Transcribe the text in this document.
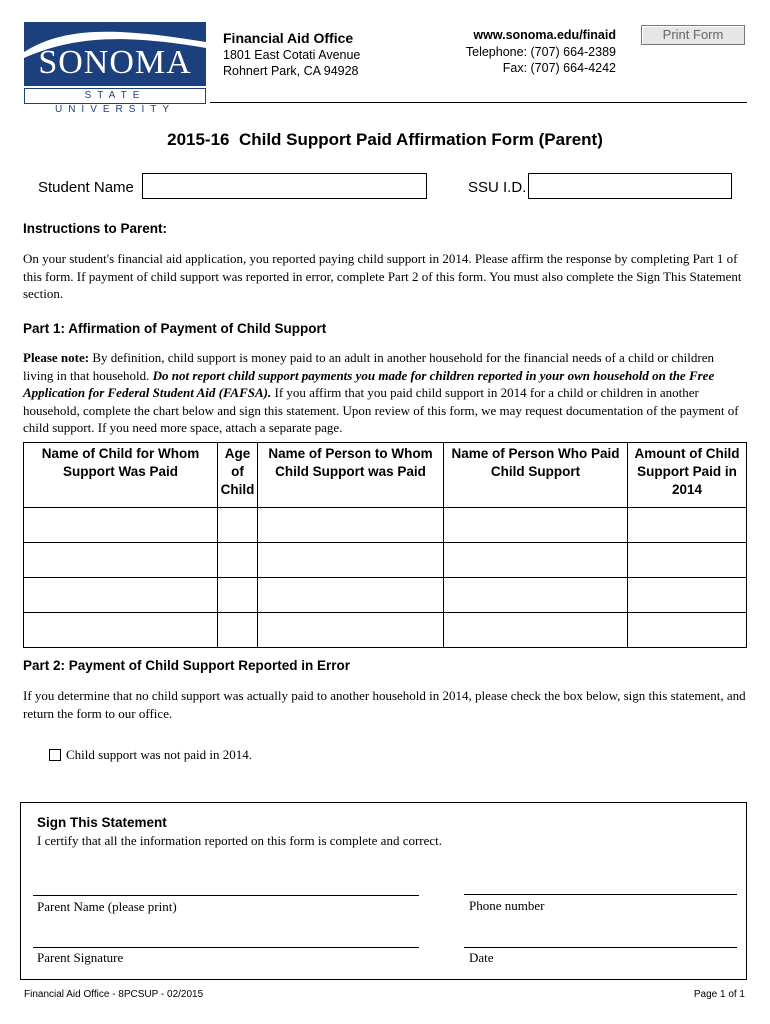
SONOMA
STATE UNIVERSITY
Financial Aid Office
1801 East Cotati Avenue
Rohnert Park, CA 94928
www.sonoma.edu/finaid
Telephone: (707) 664-2389
Fax: (707) 664-4242
Print Form
2015-16 Child Support Paid Affirmation Form (Parent)
Student Name	SSU I.D.
Instructions to Parent:
On your student's financial aid application, you reported paying child support in 2014. Please affirm the response by completing Part 1 of this form. If payment of child support was reported in error, complete Part 2 of this form. You must also complete the Sign This Statement section.
Part 1: Affirmation of Payment of Child Support
Please note: By definition, child support is money paid to an adult in another household for the financial needs of a child or children living in that household. Do not report child support payments you made for children reported in your own household on the Free Application for Federal Student Aid (FAFSA). If you affirm that you paid child support in 2014 for a child or children in another household, complete the chart below and sign this statement. Upon review of this form, we may request documentation of the payment of child support. If you need more space, attach a separate page.
Name of Child for Whom Support Was Paid	Age of Child	Name of Person to Whom Child Support was Paid	Name of Person Who Paid Child Support	Amount of Child Support Paid in 2014

Part 2: Payment of Child Support Reported in Error
If you determine that no child support was actually paid to another household in 2014, please check the box below, sign this statement, and return the form to our office.
Child support was not paid in 2014.
Sign This Statement
I certify that all the information reported on this form is complete and correct.
Parent Name (please print)	Phone number
Parent Signature	Date
Financial Aid Office - 8PCSUP - 02/2015	Page 1 of 1
